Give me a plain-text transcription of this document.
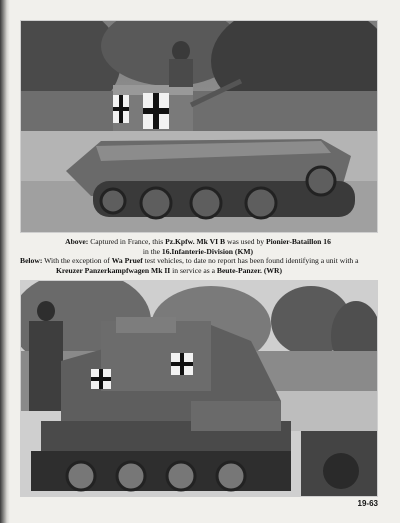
Above: Captured in France, this Pz.Kpfw. Mk VI B was used by Pionier-Bataillon 16
in the 16.Infanterie-Division (KM)
Below: With the exception of Wa Pruef test vehicles, to date no report has been found identifying a unit with a
Kreuzer Panzerkampfwagen Mk II in service as a Beute-Panzer. (WR)
19-63
